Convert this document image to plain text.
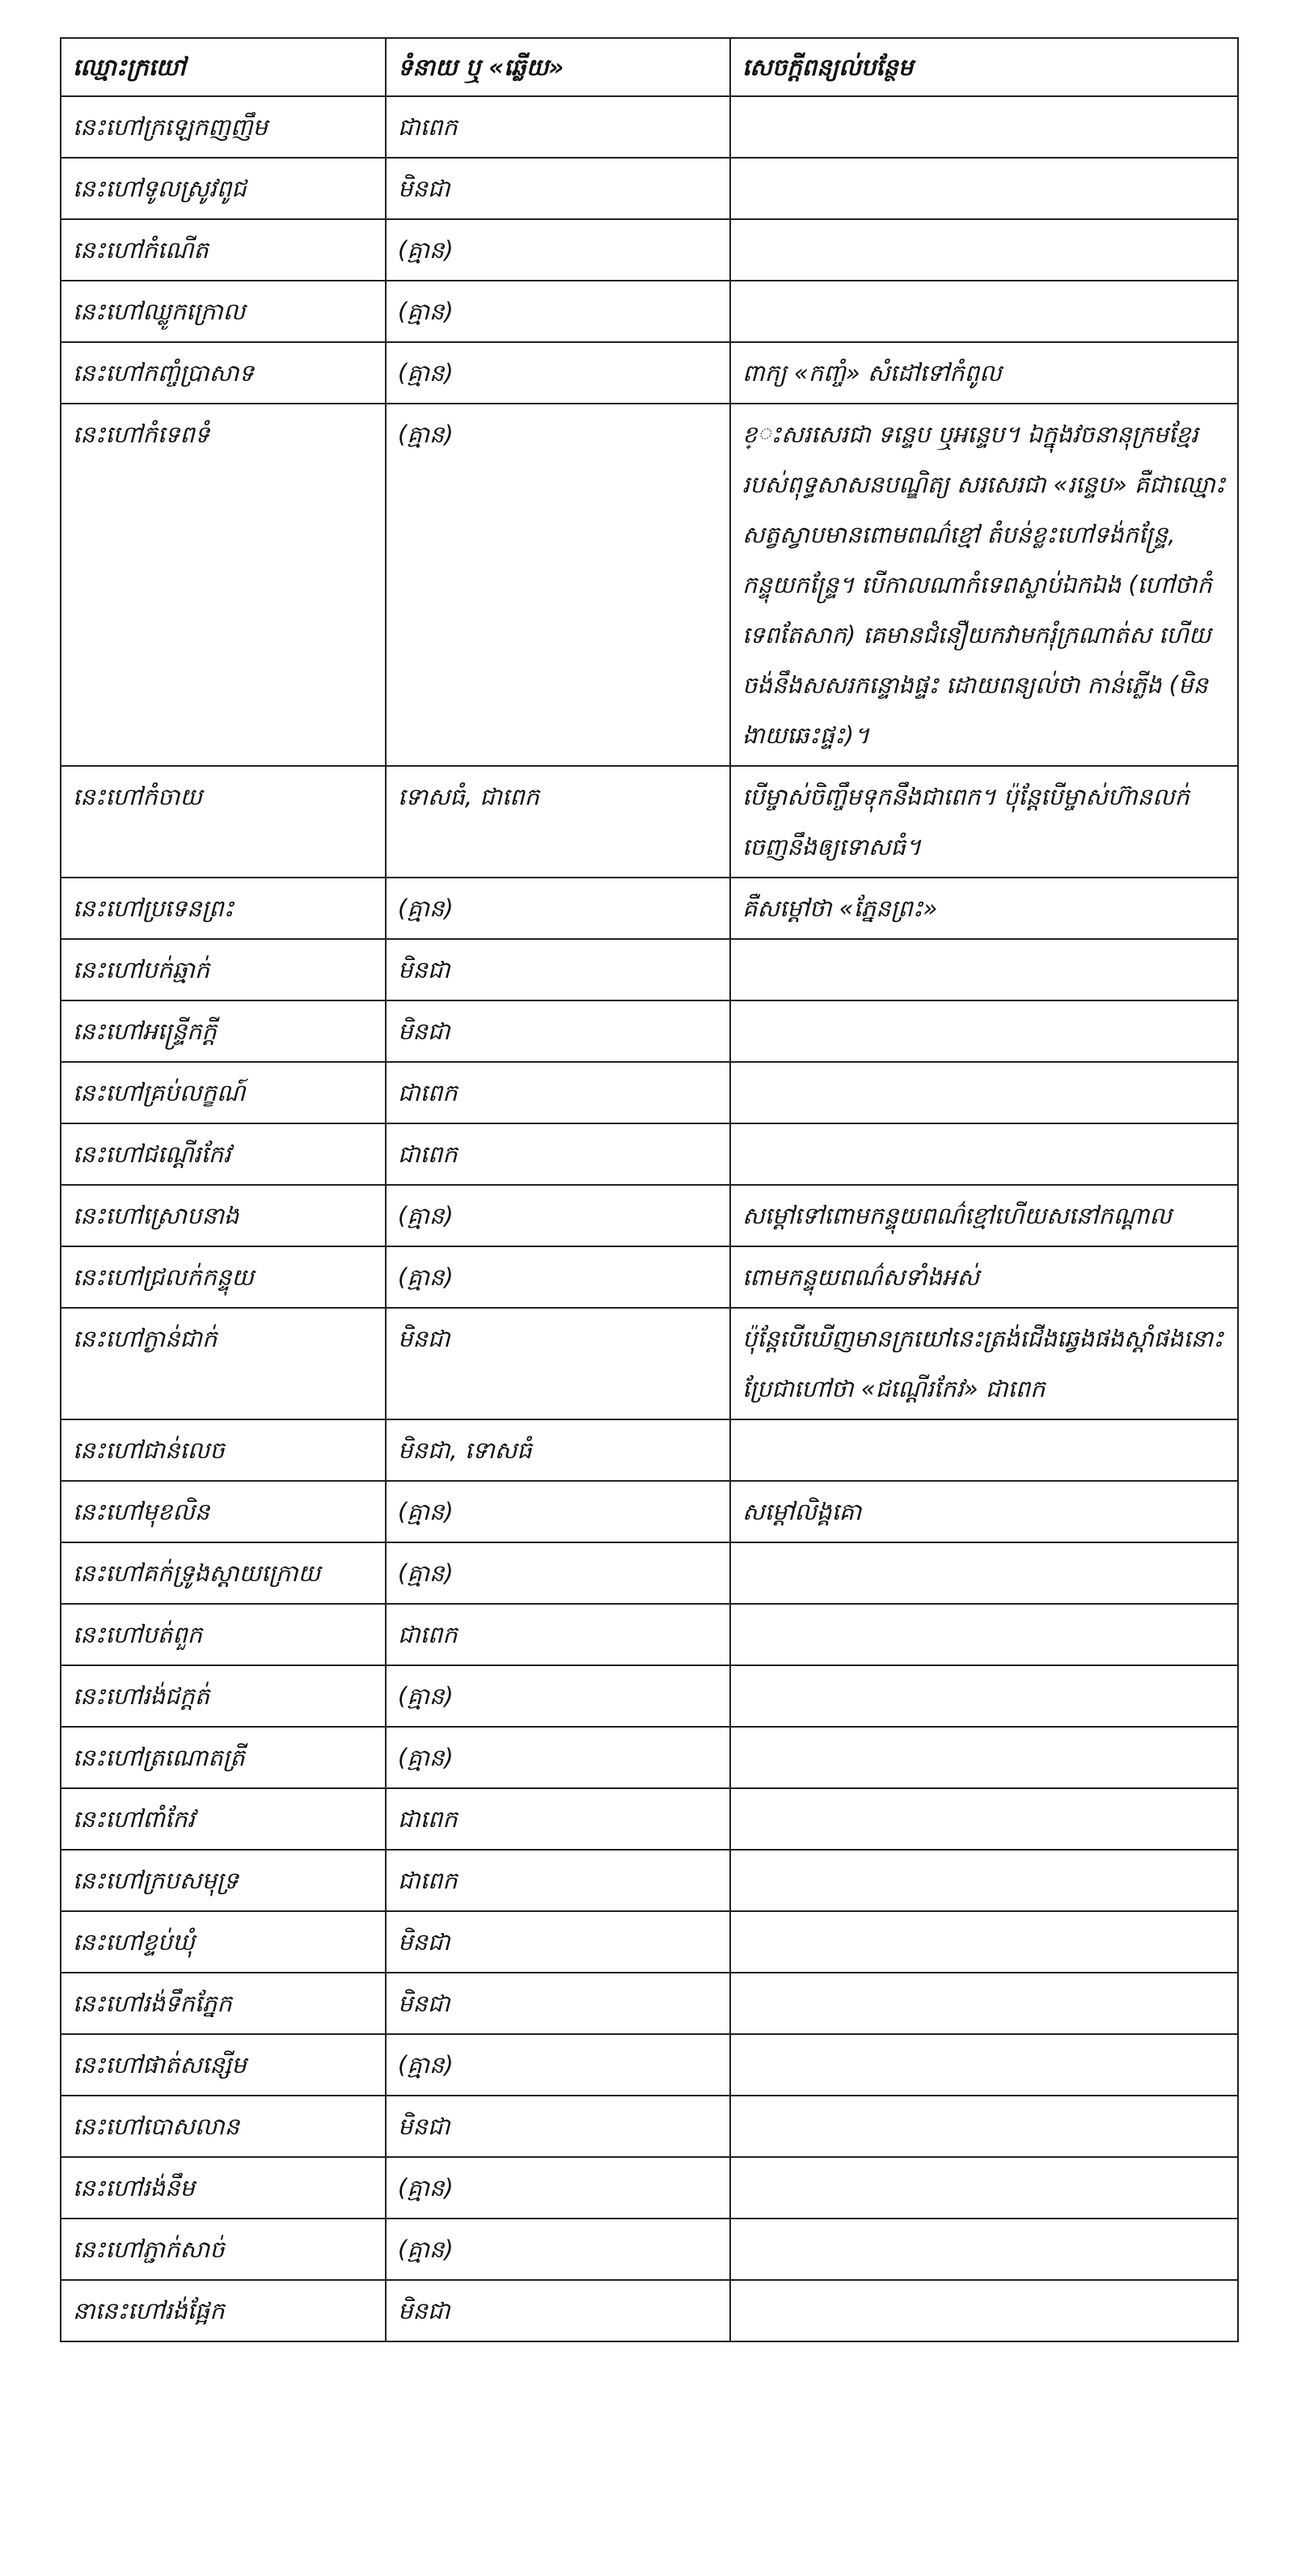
ឈ្មោះក្រយៅ	ទំនាយ ឬ «ឆ្លើយ»	សេចក្តីពន្យល់បន្ថែម
នេះហៅក្រឡេកញញឹម	ជាពេក	
នេះហៅទូលស្រូវពូជ	មិនជា	
នេះហៅកំណើត	(គ្មាន)	
នេះហៅឈ្លូកក្រោល	(គ្មាន)	
នេះហៅកញ្ចំប្រាសាទ	(គ្មាន)	ពាក្យ «កញ្ចំ» សំដៅទៅកំពូល
នេះហៅកំទេពទំ	(គ្មាន)	ខ្ះសរសេរជា ទន្ទេប ឬអន្ទេប។ ឯក្នុងវចនានុក្រមខ្មែរ របស់ពុទ្ធសាសនបណ្ឌិត្យ សរសេរជា «រន្ទេប» គឺជាឈ្មោះសត្វស្វាបមានពោមពណ៌ខ្មៅ តំបន់ខ្លះហៅទង់កន្ទ្រែ, កន្ទុយកន្ទ្រែ។ បើកាលណាកំទេពស្លាប់ឯកឯង (ហៅថាកំទេពតែសាក) គេមានជំនឿយកវាមករុំក្រណាត់ស ហើយចង់នឹងសសរកន្ទោងផ្ទះ ដោយពន្យល់ថា កាន់ភ្លើង (មិនងាយឆេះផ្ទះ)។
នេះហៅកំចាយ	ទោសធំ, ជាពេក	បើម្ចាស់ចិញ្ចឹមទុកនឹងជាពេក។ ប៉ុន្តែបើម្ចាស់ហ៊ានលក់ចេញនឹងឲ្យទោសធំ។
នេះហៅប្រទេនព្រះ	(គ្មាន)	គឺសម្តៅថា «ភ្នែនព្រះ»
នេះហៅបក់ឆ្មាក់	មិនជា	
នេះហៅអន្ទ្រើកក្តី	មិនជា	
នេះហៅគ្រប់លក្ខណ៍	ជាពេក	
នេះហៅជណ្តើរកែវ	ជាពេក	
នេះហៅស្រោបនាង	(គ្មាន)	សម្តៅទៅពោមកន្ទុយពណ៌ខ្មៅហើយសនៅកណ្តាល
នេះហៅជ្រលក់កន្ទុយ	(គ្មាន)	ពោមកន្ទុយពណ៌សទាំងអស់
នេះហៅក្ងាន់ជាក់	មិនជា	ប៉ុន្តែបើឃើញមានក្រយៅនេះត្រង់ជើងឆ្វេងផងស្តាំផងនោះប្រែជាហៅថា «ជណ្តើរកែវ» ជាពេក
នេះហៅជាន់លេច	មិនជា, ទោសធំ	
នេះហៅមុខលិន	(គ្មាន)	សម្តៅលិង្គគោ
នេះហៅគក់ទ្រូងស្ដាយក្រោយ	(គ្មាន)	
នេះហៅបត់ពួក	ជាពេក	
នេះហៅរង់ជក្តត់	(គ្មាន)	
នេះហៅត្រណោតត្រី	(គ្មាន)	
នេះហៅពាំកែវ	ជាពេក	
នេះហៅក្របសមុទ្រ	ជាពេក	
នេះហៅខ្ទប់ឃុំ	មិនជា	
នេះហៅរង់ទឹកភ្នែក	មិនជា	
នេះហៅផាត់សន្សើម	(គ្មាន)	
នេះហៅបោសលាន	មិនជា	
នេះហៅរង់នឹម	(គ្មាន)	
នេះហៅភ្ជាក់សាច់	(គ្មាន)	
នានេះហៅរង់ផ្អែក	មិនជា	
